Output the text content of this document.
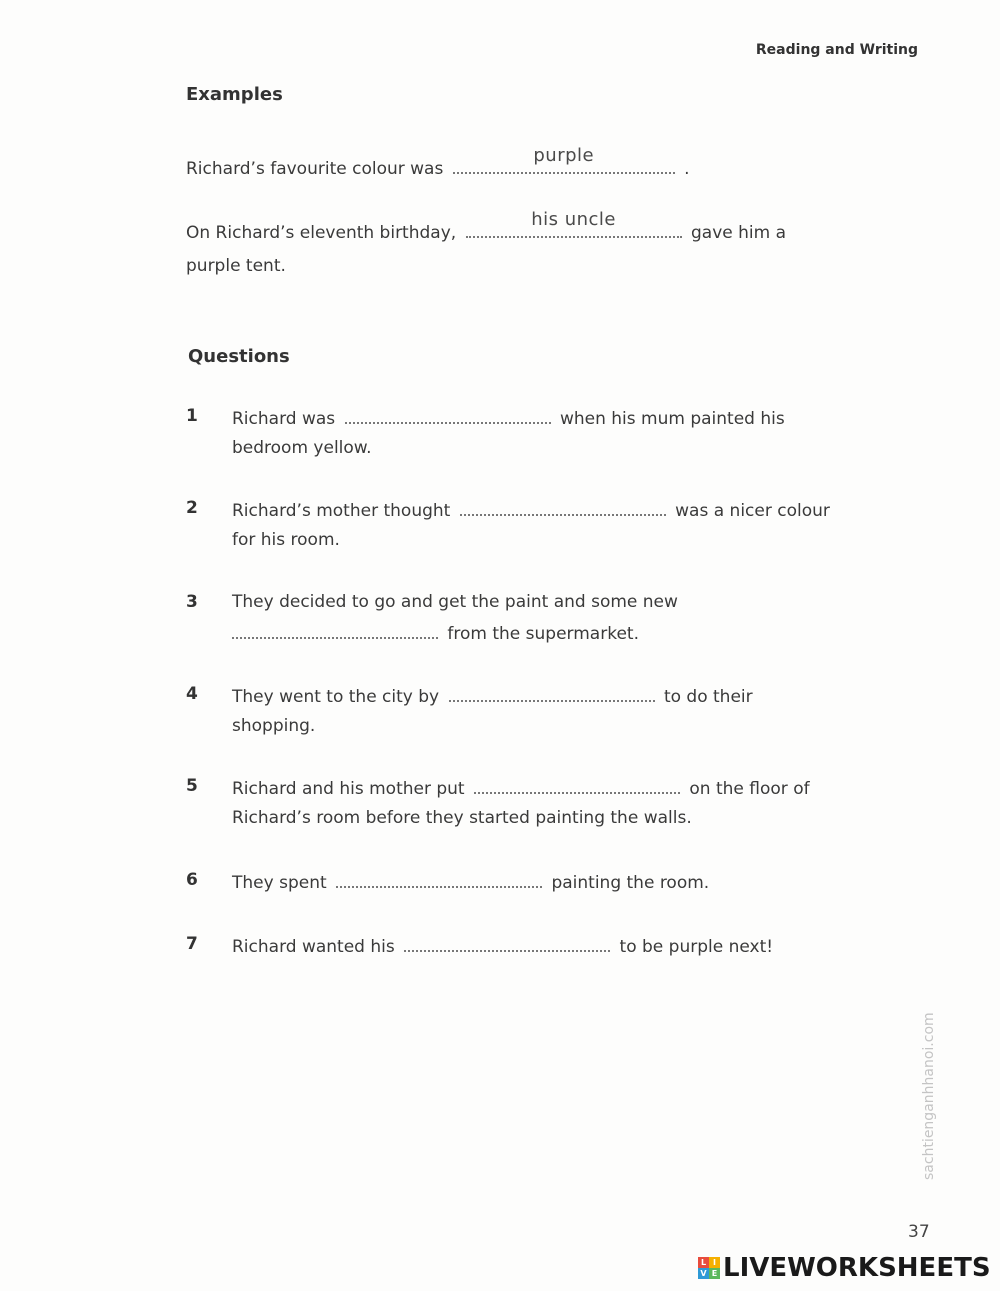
Reading and Writing
Examples
Richard’s favourite colour was
purple
.
On Richard’s eleventh birthday,
his uncle
gave him a
purple tent.
Questions
1	Richard was	when his mum painted his
bedroom yellow.
2	Richard’s mother thought	was a nicer colour
for his room.
3	They decided to go and get the paint and some new
from the supermarket.
4	They went to the city by	to do their
shopping.
5	Richard and his mother put	on the floor of
Richard’s room before they started painting the walls.
6	They spent	painting the room.
7	Richard wanted his	to be purple next!
sachtienganhhanoi.com
37
L I
V E LIVEWORKSHEETS
